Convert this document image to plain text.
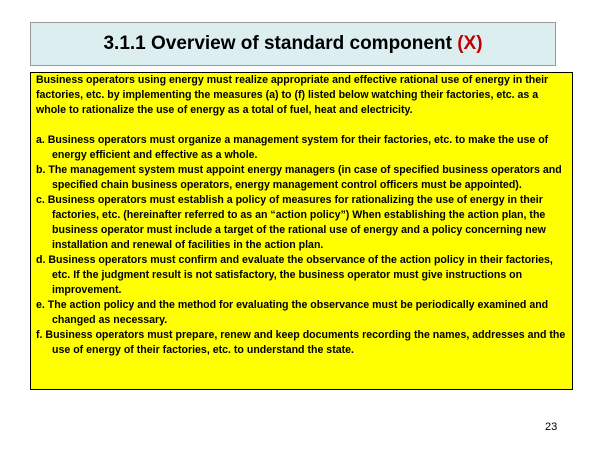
3.1.1 Overview of standard component (X)

Business operators using energy must realize appropriate and effective rational use of energy in their factories, etc. by implementing the measures (a) to (f) listed below watching their factories, etc. as a whole to rationalize the use of energy as a total of fuel, heat and electricity.

a. Business operators must organize a management system for their factories, etc. to make the use of energy efficient and effective as a whole.

b. The management system must appoint energy managers (in case of specified business operators and specified chain business operators, energy management control officers must be appointed).

c. Business operators must establish a policy of measures for rationalizing the use of energy in their factories, etc. (hereinafter referred to as an “action policy”) When establishing the action plan, the business operator must include a target of the rational use of energy and a policy concerning new installation and renewal of facilities in the action plan.

d. Business operators must confirm and evaluate the observance of the action policy in their factories, etc. If the judgment result is not satisfactory, the business operator must give instructions on improvement.

e. The action policy and the method for evaluating the observance must be periodically examined and changed as necessary.

f. Business operators must prepare, renew and keep documents recording the names, addresses and the use of energy of their factories, etc. to understand the state.

23
